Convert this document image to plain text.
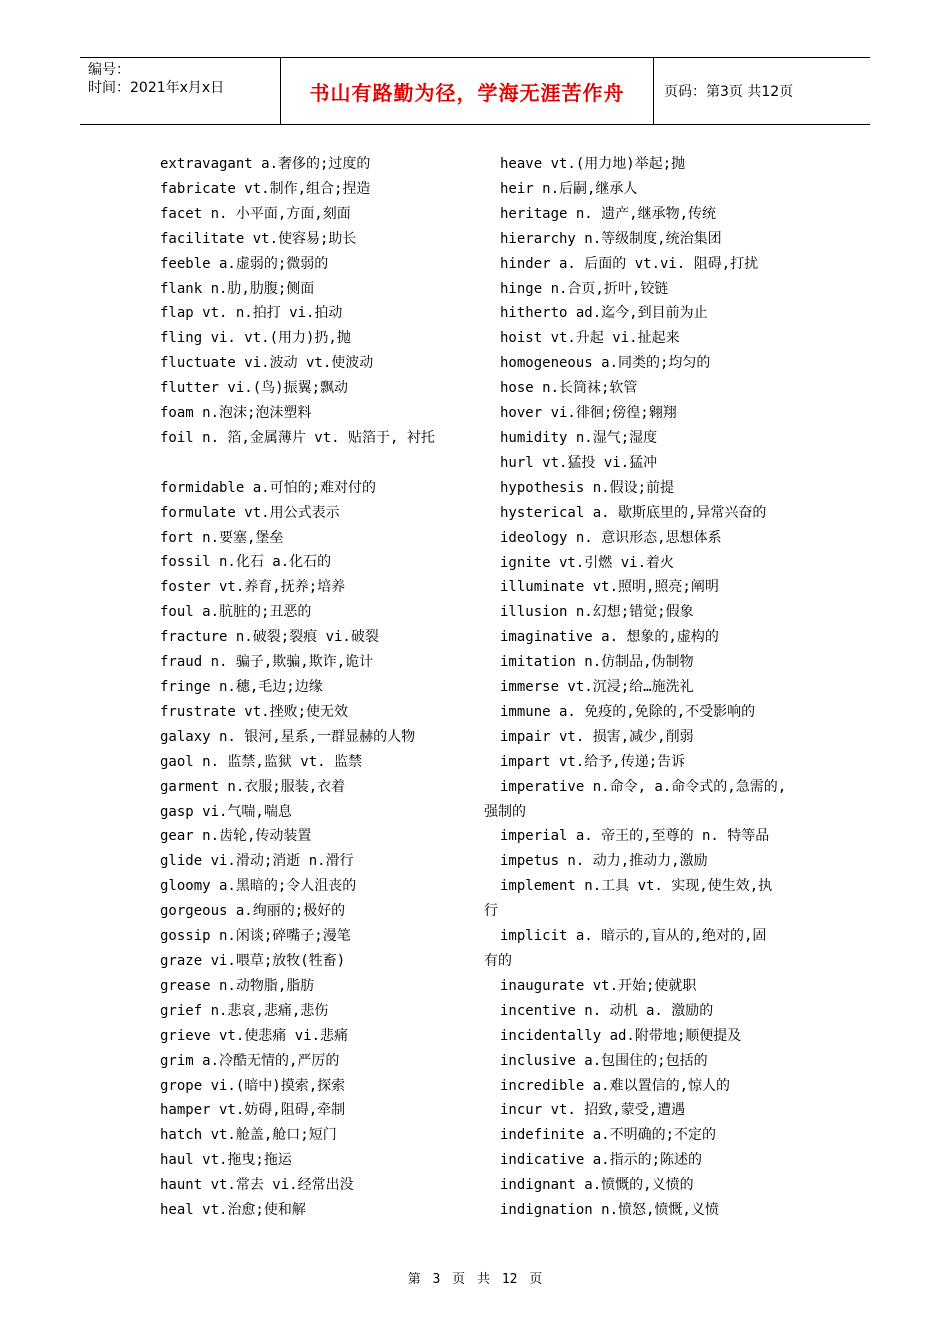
编号：
时间：2021年x月x日	书山有路勤为径，学海无涯苦作舟	页码：第3页 共12页
extravagant a.奢侈的;过度的
fabricate vt.制作,组合;捏造
facet n. 小平面,方面,刻面
facilitate vt.使容易;助长
feeble a.虚弱的;微弱的
flank n.肋,肋腹;侧面
flap vt. n.拍打 vi.拍动
fling vi. vt.(用力)扔,抛
fluctuate vi.波动 vt.使波动
flutter vi.(鸟)振翼;飘动
foam n.泡沫;泡沫塑料
foil n. 箔,金属薄片 vt. 贴箔于, 衬托
formidable a.可怕的;难对付的
formulate vt.用公式表示
fort n.要塞,堡垒
fossil n.化石 a.化石的
foster vt.养育,抚养;培养
foul a.肮脏的;丑恶的
fracture n.破裂;裂痕 vi.破裂
fraud n. 骗子,欺骗,欺诈,诡计
fringe n.穗,毛边;边缘
frustrate vt.挫败;使无效
galaxy n. 银河,星系,一群显赫的人物
gaol n. 监禁,监狱 vt. 监禁
garment n.衣服;服装,衣着
gasp vi.气喘,喘息
gear n.齿轮,传动装置
glide vi.滑动;消逝 n.滑行
gloomy a.黑暗的;令人沮丧的
gorgeous a.绚丽的;极好的
gossip n.闲谈;碎嘴子;漫笔
graze vi.喂草;放牧(牲畜)
grease n.动物脂,脂肪
grief n.悲哀,悲痛,悲伤
grieve vt.使悲痛 vi.悲痛
grim a.冷酷无情的,严厉的
grope vi.(暗中)摸索,探索
hamper vt.妨碍,阻碍,牵制
hatch vt.舱盖,舱口;短门
haul vt.拖曳;拖运
haunt vt.常去 vi.经常出没
heal vt.治愈;使和解
heave vt.(用力地)举起;抛
heir n.后嗣,继承人
heritage n. 遗产,继承物,传统
hierarchy n.等级制度,统治集团
hinder a. 后面的 vt.vi. 阻碍,打扰
hinge n.合页,折叶,铰链
hitherto ad.迄今,到目前为止
hoist vt.升起 vi.扯起来
homogeneous a.同类的;均匀的
hose n.长筒袜;软管
hover vi.徘徊;傍徨;翱翔
humidity n.湿气;湿度
hurl vt.猛投 vi.猛冲
hypothesis n.假设;前提
hysterical a. 歇斯底里的,异常兴奋的
ideology n. 意识形态,思想体系
ignite vt.引燃 vi.着火
illuminate vt.照明,照亮;阐明
illusion n.幻想;错觉;假象
imaginative a. 想象的,虚构的
imitation n.仿制品,伪制物
immerse vt.沉浸;给…施洗礼
immune a. 免疫的,免除的,不受影响的
impair vt. 损害,减少,削弱
impart vt.给予,传递;告诉
imperative n.命令, a.命令式的,急需的,
强制的
imperial a. 帝王的,至尊的 n. 特等品
impetus n. 动力,推动力,激励
implement n.工具 vt. 实现,使生效,执
行
implicit a. 暗示的,盲从的,绝对的,固
有的
inaugurate vt.开始;使就职
incentive n. 动机 a. 激励的
incidentally ad.附带地;顺便提及
inclusive a.包围住的;包括的
incredible a.难以置信的,惊人的
incur vt. 招致,蒙受,遭遇
indefinite a.不明确的;不定的
indicative a.指示的;陈述的
indignant a.愤慨的,义愤的
indignation n.愤怒,愤慨,义愤
第 3 页 共 12 页
